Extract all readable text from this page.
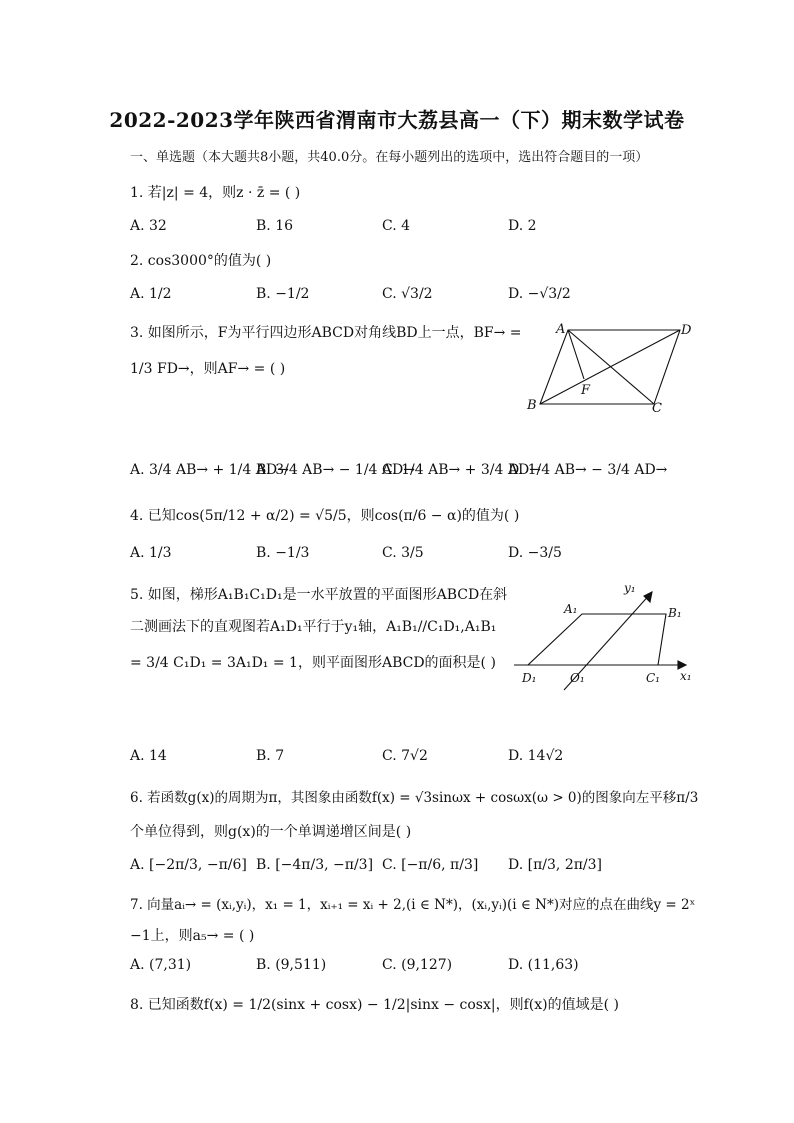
2022-2023学年陕西省渭南市大荔县高一（下）期末数学试卷
一、单选题（本大题共8小题，共40.0分。在每小题列出的选项中，选出符合题目的一项）
1. 若|z| = 4，则z · z̄ = ( )
A. 32	B. 16	C. 4	D. 2
2. cos3000°的值为( )
A. 1/2	B. −1/2	C. √3/2	D. −√3/2
3. 如图所示，F为平行四边形ABCD对角线BD上一点，BF→ =
1/3 FD→，则AF→ = ( )
A	D
B	C
F
A. 3/4 AB→ + 1/4 AD→
B. 3/4 AB→ − 1/4 AD→
C. 1/4 AB→ + 3/4 AD→
D. 1/4 AB→ − 3/4 AD→
4. 已知cos(5π/12 + α/2) = √5/5，则cos(π/6 − α)的值为( )
A. 1/3	B. −1/3	C. 3/5	D. −3/5
5. 如图，梯形A₁B₁C₁D₁是一水平放置的平面图形ABCD在斜
二测画法下的直观图若A₁D₁平行于y₁轴，A₁B₁//C₁D₁,A₁B₁
= 3/4 C₁D₁ = 3A₁D₁ = 1，则平面图形ABCD的面积是( )
y₁
A₁	B₁
D₁	O₁	C₁ x₁
A. 14	B. 7	C. 7√2	D. 14√2
6. 若函数g(x)的周期为π，其图象由函数f(x) = √3sinωx + cosωx(ω > 0)的图象向左平移π/3
个单位得到，则g(x)的一个单调递增区间是( )
A. [−2π/3, −π/6] B. [−4π/3, −π/3] C. [−π/6, π/3] D. [π/3, 2π/3]
7. 向量aᵢ→ = (xᵢ,yᵢ)，x₁ = 1，xᵢ₊₁ = xᵢ + 2,(i ∈ N*)，(xᵢ,yᵢ)(i ∈ N*)对应的点在曲线y = 2ˣ
−1上，则a₅→ = ( )
A. (7,31)	B. (9,511)	C. (9,127)	D. (11,63)
8. 已知函数f(x) = 1/2(sinx + cosx) − 1/2|sinx − cosx|，则f(x)的值域是( )
